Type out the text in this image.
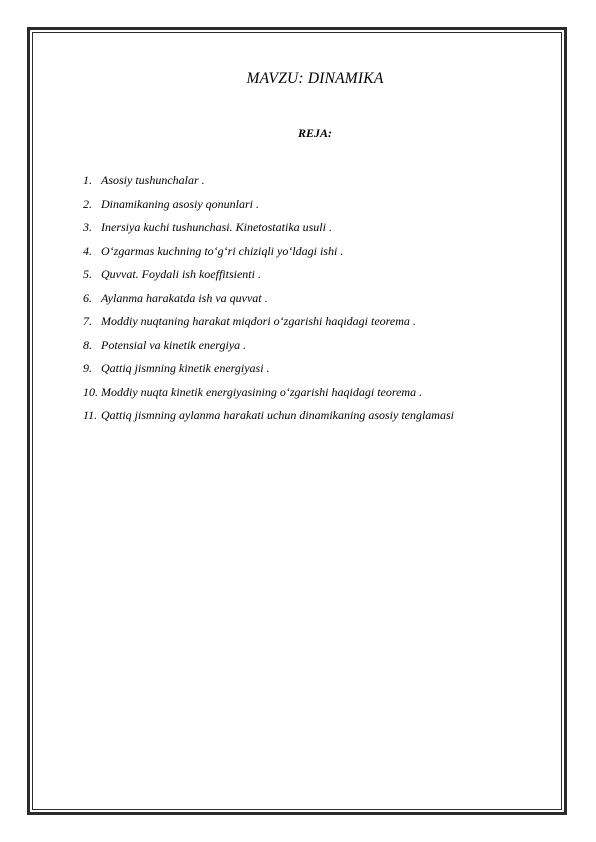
MAVZU: DINAMIKA
REJA:
1. Asosiy tushunchalar .
2. Dinamikaning asosiy qonunlari .
3. Inersiya kuchi tushunchasi. Kinetostatika usuli .
4. O‘zgarmas kuchning to‘g‘ri chiziqli yo‘ldagi ishi .
5. Quvvat. Foydali ish koeffitsienti .
6. Aylanma harakatda ish va quvvat .
7. Moddiy nuqtaning harakat miqdori o‘zgarishi haqidagi teorema .
8. Potensial va kinetik energiya .
9. Qattiq jismning kinetik energiyasi .
10. Moddiy nuqta kinetik energiyasining o‘zgarishi haqidagi teorema .
11. Qattiq jismning aylanma harakati uchun dinamikaning asosiy tenglamasi
